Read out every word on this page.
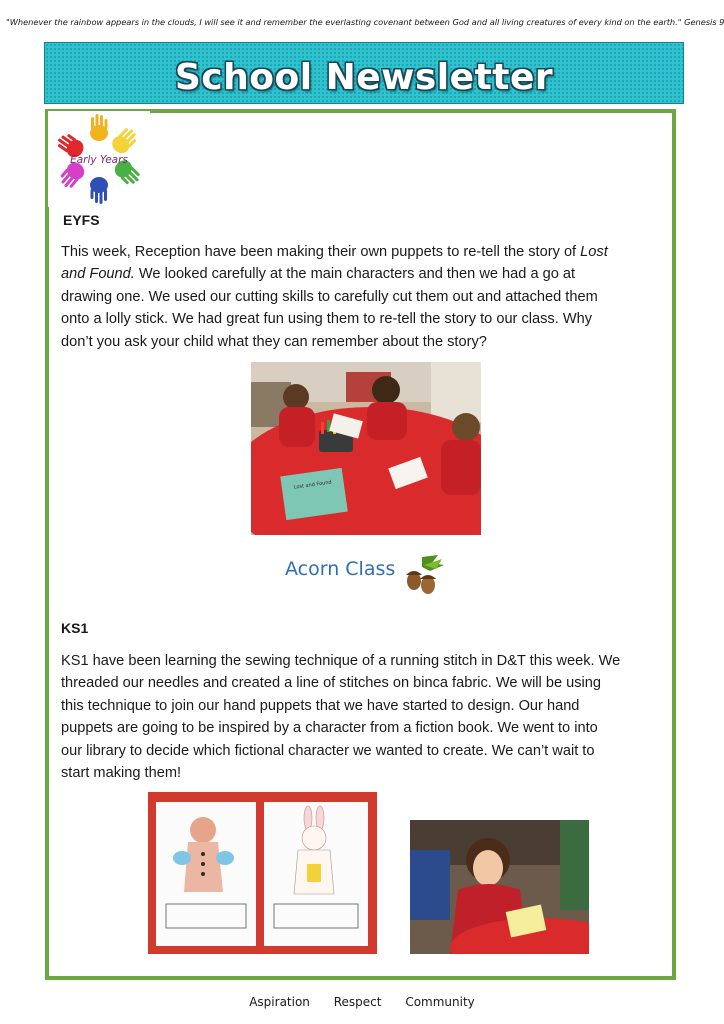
"Whenever the rainbow appears in the clouds, I will see it and remember the everlasting covenant between God and all living creatures of every kind on the earth." Genesis 9
School Newsletter
Early Years
EYFS
This week, Reception have been making their own puppets to re-tell the story of Lost
and Found. We looked carefully at the main characters and then we had a go at
drawing one. We used our cutting skills to carefully cut them out and attached them
onto a lolly stick. We had great fun using them to re-tell the story to our class. Why
don’t you ask your child what they can remember about the story?
Lost and Found
Acorn Class
KS1
KS1 have been learning the sewing technique of a running stitch in D&T this week. We
threaded our needles and created a line of stitches on binca fabric. We will be using
this technique to join our hand puppets that we have started to design. Our hand
puppets are going to be inspired by a character from a fiction book. We went to into
our library to decide which fictional character we wanted to create. We can’t wait to
start making them!
Aspiration Respect Community
